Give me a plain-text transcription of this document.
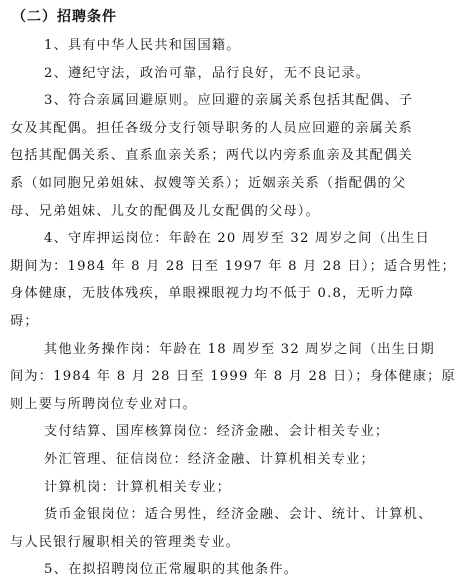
（二）招聘条件
1、具有中华人民共和国国籍。
2、遵纪守法，政治可靠，品行良好，无不良记录。
3、符合亲属回避原则。应回避的亲属关系包括其配偶、子
女及其配偶。担任各级分支行领导职务的人员应回避的亲属关系
包括其配偶关系、直系血亲关系；两代以内旁系血亲及其配偶关
系（如同胞兄弟姐妹、叔嫂等关系）；近姻亲关系（指配偶的父
母、兄弟姐妹、儿女的配偶及儿女配偶的父母）。
4、守库押运岗位：年龄在 20 周岁至 32 周岁之间（出生日
期间为：1984 年 8 月 28 日至 1997 年 8 月 28 日）；适合男性；
身体健康，无肢体残疾，单眼裸眼视力均不低于 0.8，无听力障
碍；
其他业务操作岗：年龄在 18 周岁至 32 周岁之间（出生日期
间为：1984 年 8 月 28 日至 1999 年 8 月 28 日）；身体健康；原
则上要与所聘岗位专业对口。
支付结算、国库核算岗位：经济金融、会计相关专业；
外汇管理、征信岗位：经济金融、计算机相关专业；
计算机岗：计算机相关专业；
货币金银岗位：适合男性，经济金融、会计、统计、计算机、
与人民银行履职相关的管理类专业。
5、在拟招聘岗位正常履职的其他条件。
